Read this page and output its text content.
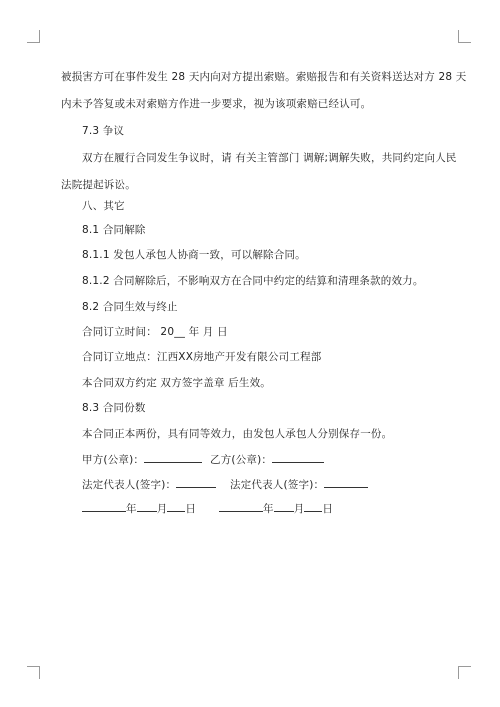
被损害方可在事件发生 28 天内向对方提出索赔。索赔报告和有关资料送达对方 28 天
内未予答复或未对索赔方作进一步要求，视为该项索赔已经认可。
7.3 争议
双方在履行合同发生争议时，请 有关主管部门 调解;调解失败，共同约定向人民
法院提起诉讼。
八、其它
8.1 合同解除
8.1.1 发包人承包人协商一致，可以解除合同。
8.1.2 合同解除后，不影响双方在合同中约定的结算和清理条款的效力。
8.2 合同生效与终止
合同订立时间： 20__ 年 月 日
合同订立地点：江西XX房地产开发有限公司工程部
本合同双方约定 双方签字盖章 后生效。
8.3 合同份数
本合同正本两份，具有同等效力，由发包人承包人分别保存一份。
甲方(公章)：	乙方(公章)：
法定代表人(签字)：	法定代表人(签字)：
年 月 日	年 月 日
